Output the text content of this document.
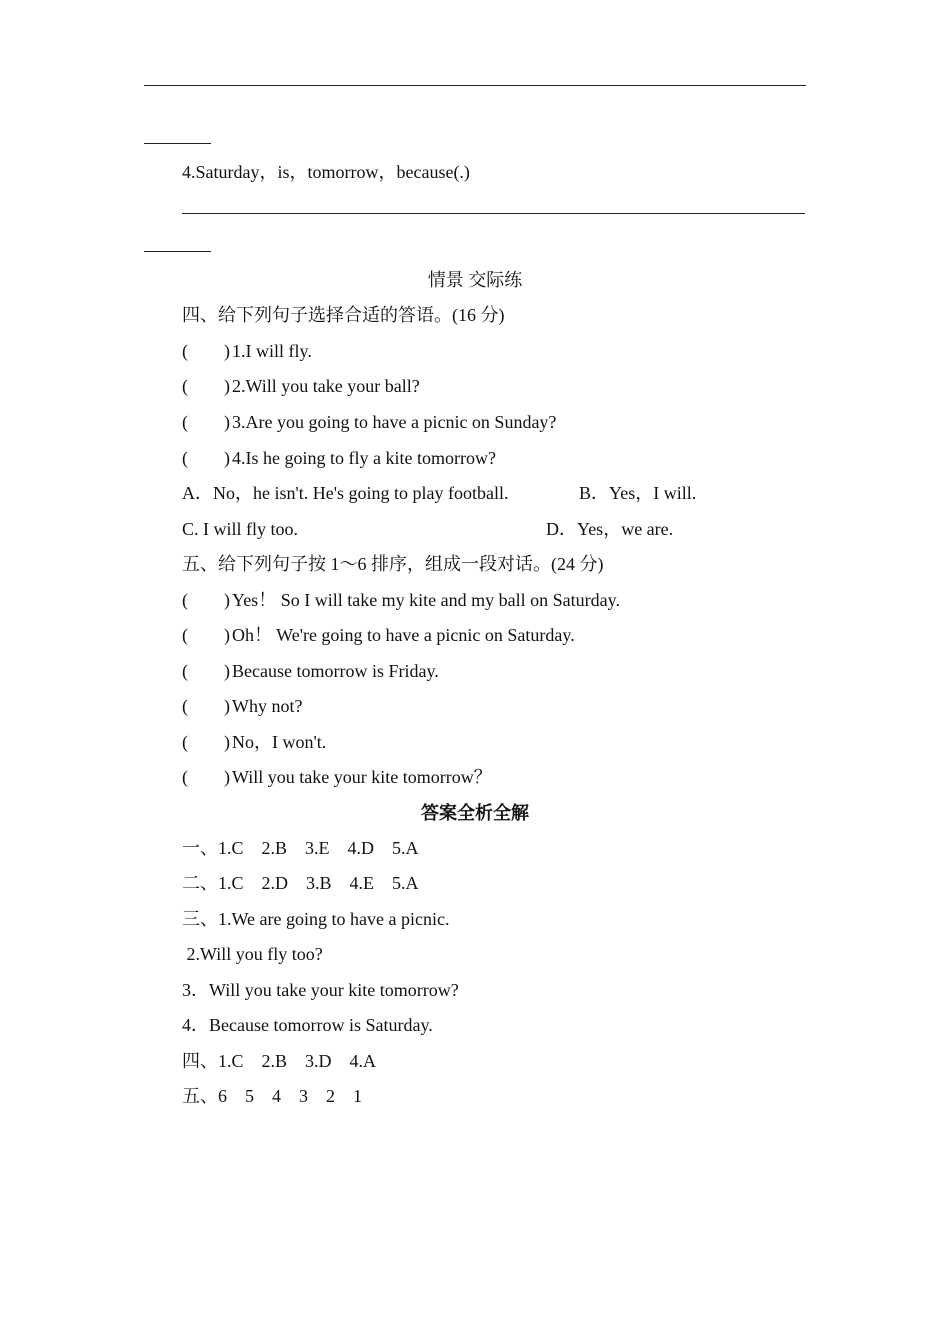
4.Saturday，is，tomorrow，because(.)
情景 交际练
四、给下列句子选择合适的答语。(16 分)
( ) 1.I will fly.
( ) 2.Will you take your ball?
( ) 3.Are you going to have a picnic on Sunday?
( ) 4.Is he going to fly a kite tomorrow?
A．No，he isn't. He's going to play football.	B．Yes，I will.
C. I will fly too.	D．Yes，we are.
五、给下列句子按 1～6 排序，组成一段对话。(24 分)
( ) Yes！ So I will take my kite and my ball on Saturday.
( ) Oh！ We're going to have a picnic on Saturday.
( ) Because tomorrow is Friday.
( ) Why not?
( ) No，I won't.
( ) Will you take your kite tomorrow？
答案全析全解
一、1.C　2.B　3.E　4.D　5.A
二、1.C　2.D　3.B　4.E　5.A
三、1.We are going to have a picnic.
2.Will you fly too?
3．Will you take your kite tomorrow?
4．Because tomorrow is Saturday.
四、1.C　2.B　3.D　4.A
五、6　5　4　3　2　1
